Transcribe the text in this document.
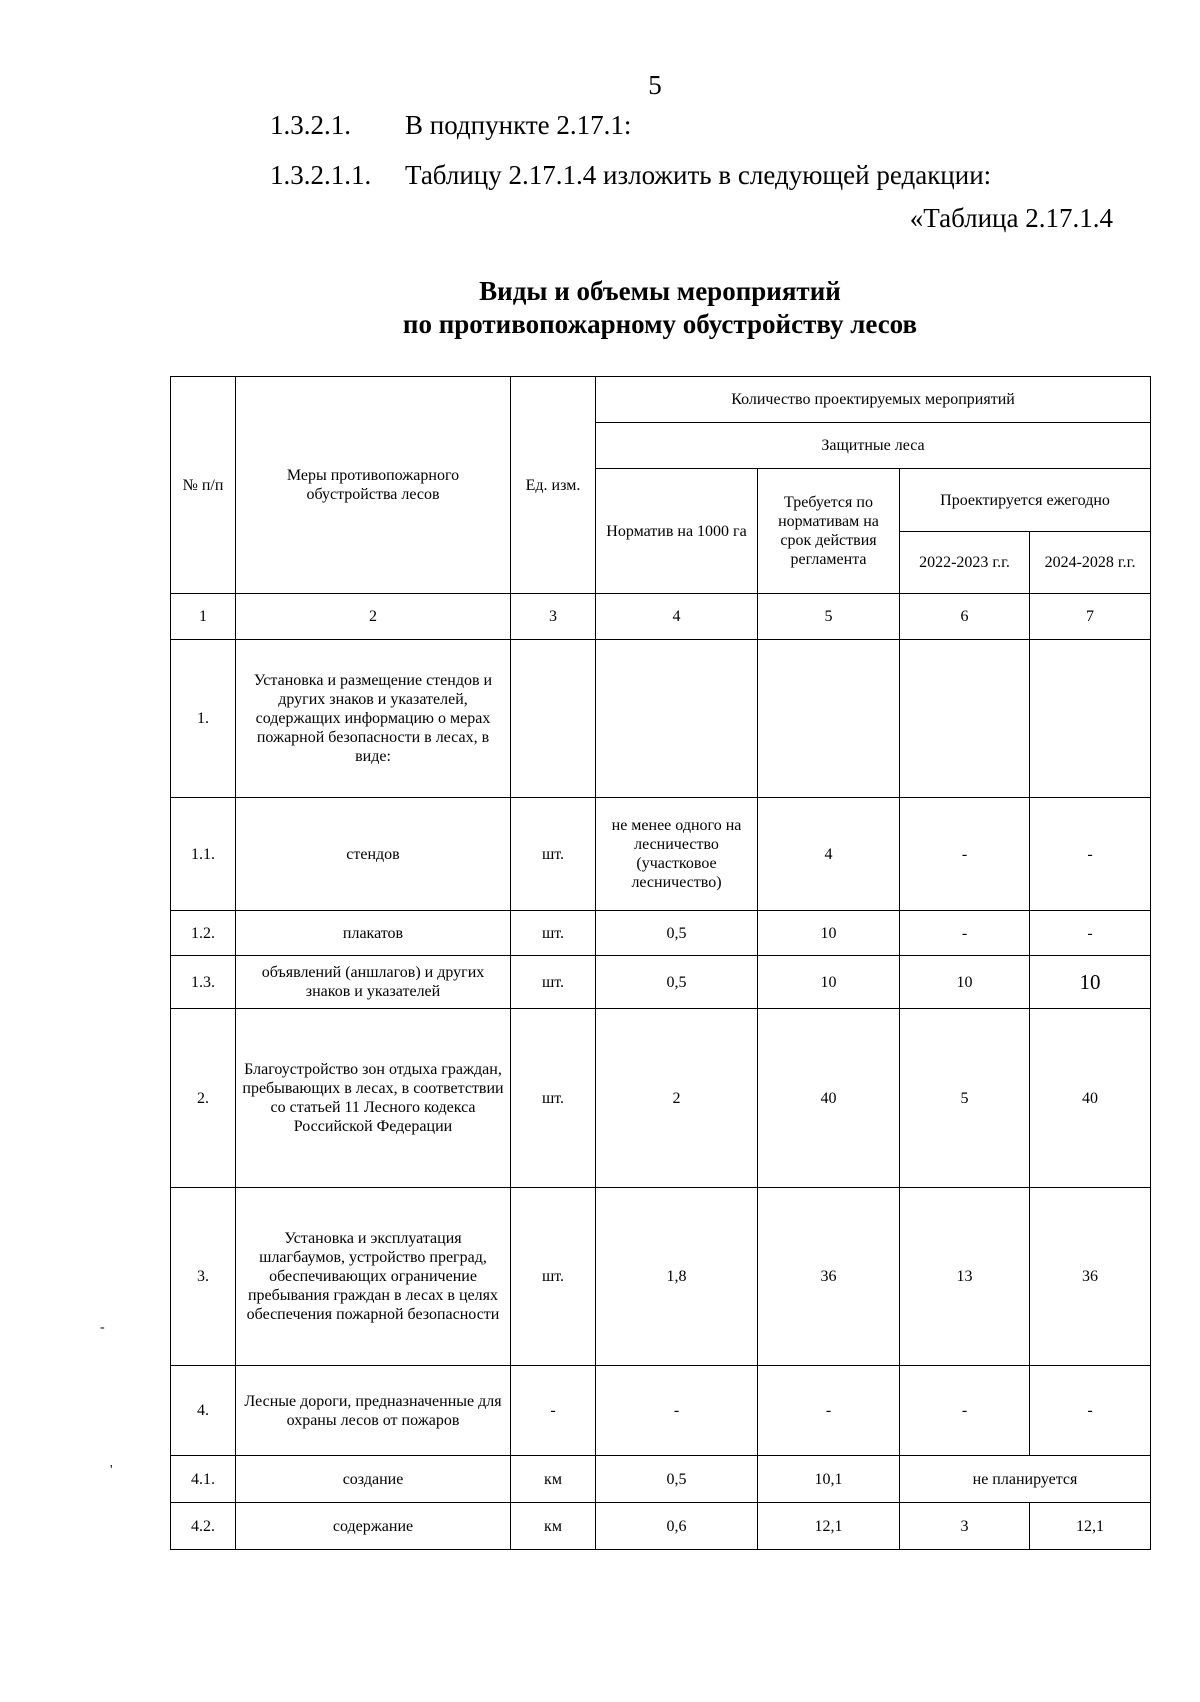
5
1.3.2.1. В подпункте 2.17.1:
1.3.2.1.1. Таблицу 2.17.1.4 изложить в следующей редакции:
«Таблица 2.17.1.4
Виды и объемы мероприятий
по противопожарному обустройству лесов
-
'
№ п/п	Меры противопожарного обустройства лесов	Ед. изм.	Количество проектируемых мероприятий			
			Защитные леса			
			Норматив на 1000 га	Требуется по нормативам на срок действия регламента	Проектируется ежегодно	
					2022-2023 г.г.	2024-2028 г.г.
1	2	3	4	5	6	7
1.	Установка и размещение стендов и других знаков и указателей, содержащих информацию о мерах пожарной безопасности в лесах, в виде:					
1.1.	стендов	шт.	не менее одного на лесничество (участковое лесничество)	4	-	-
1.2.	плакатов	шт.	0,5	10	-	-
1.3.	объявлений (аншлагов) и других знаков и указателей	шт.	0,5	10	10	10
2.	Благоустройство зон отдыха граждан, пребывающих в лесах, в соответствии со статьей 11 Лесного кодекса Российской Федерации	шт.	2	40	5	40
3.	Установка и эксплуатация шлагбаумов, устройство преград, обеспечивающих ограничение пребывания граждан в лесах в целях обеспечения пожарной безопасности	шт.	1,8	36	13	36
4.	Лесные дороги, предназначенные для охраны лесов от пожаров	-	-	-	-	-
4.1.	создание	км	0,5	10,1	не планируется	
4.2.	содержание	км	0,6	12,1	3	12,1
